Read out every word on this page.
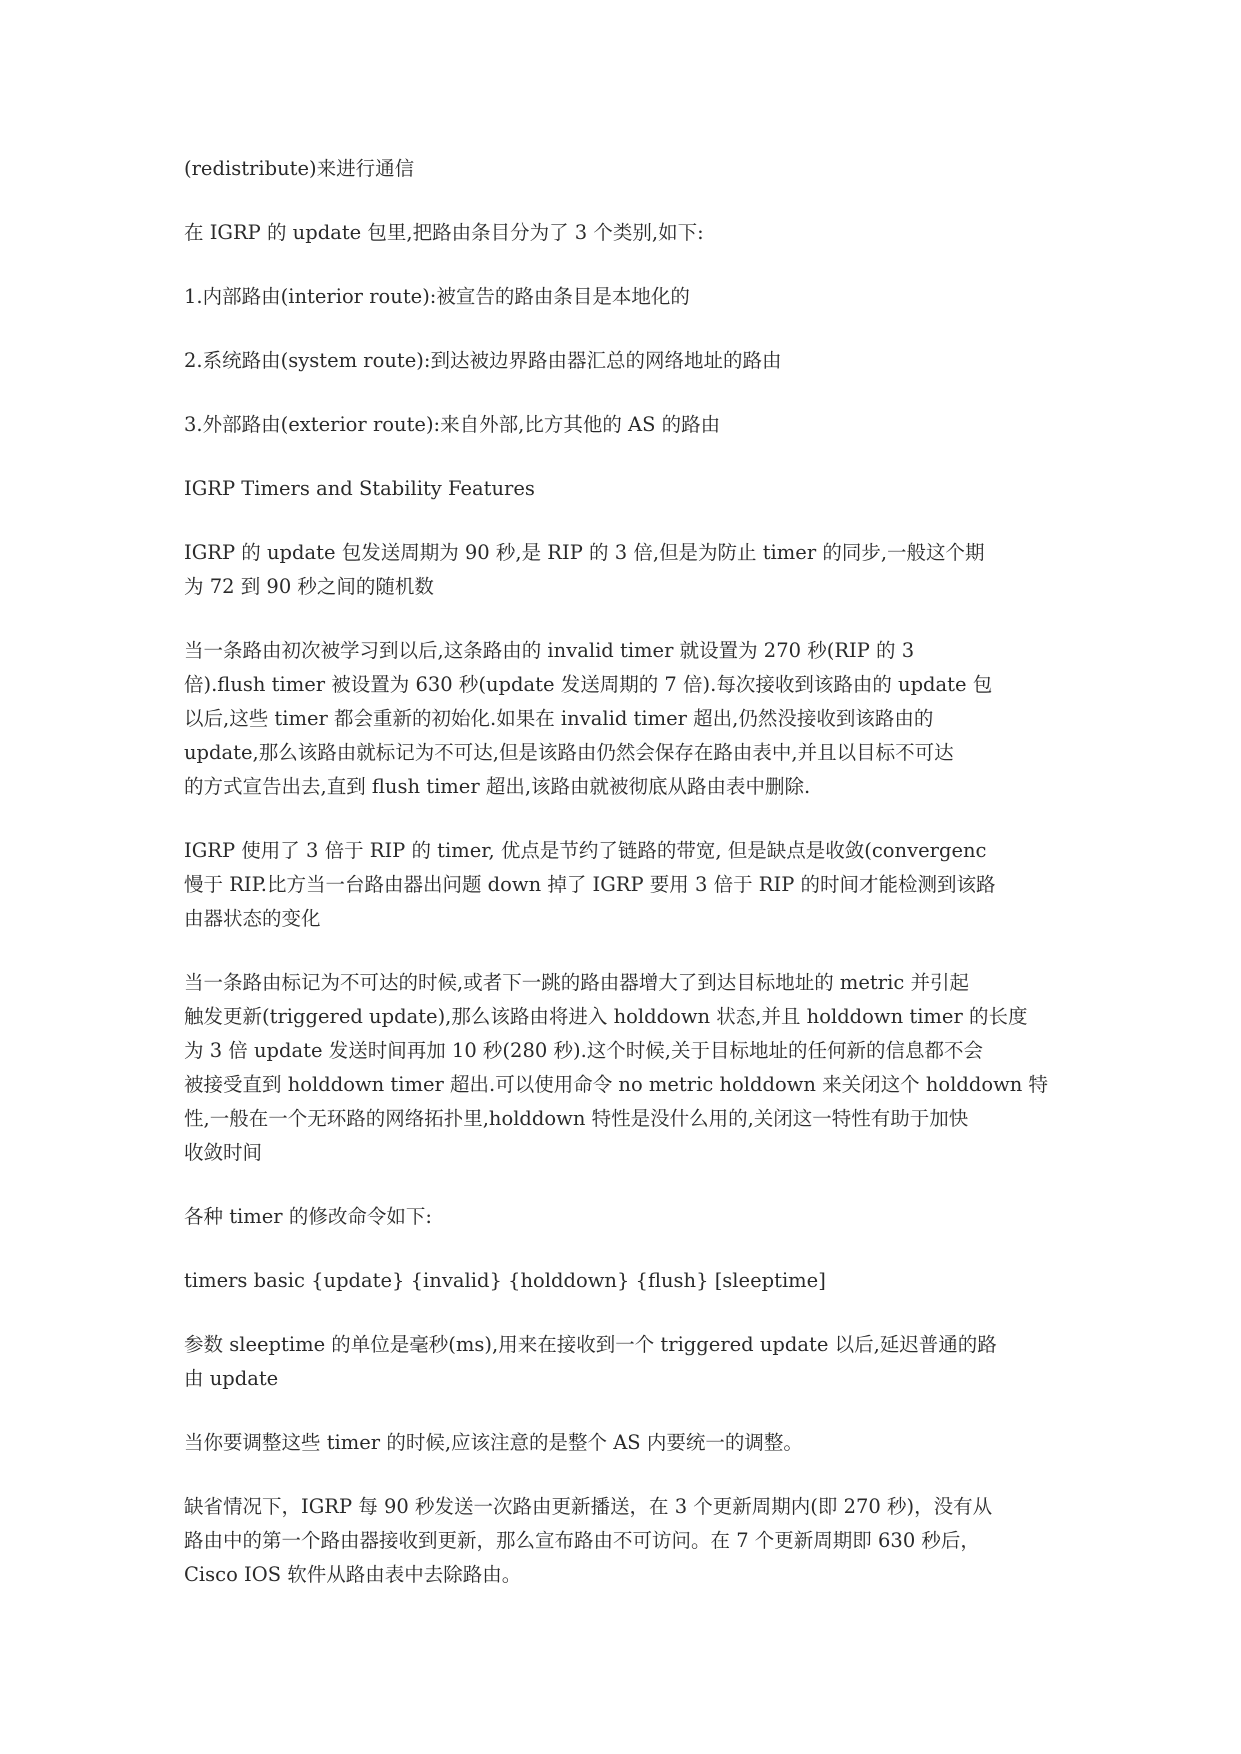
(redistribute)来进行通信
在 IGRP 的 update 包里,把路由条目分为了 3 个类别,如下:
1.内部路由(interior route):被宣告的路由条目是本地化的
2.系统路由(system route):到达被边界路由器汇总的网络地址的路由
3.外部路由(exterior route):来自外部,比方其他的 AS 的路由
IGRP Timers and Stability Features
IGRP 的 update 包发送周期为 90 秒,是 RIP 的 3 倍,但是为防止 timer 的同步,一般这个期
为 72 到 90 秒之间的随机数
当一条路由初次被学习到以后,这条路由的 invalid timer 就设置为 270 秒(RIP 的 3
倍).flush timer 被设置为 630 秒(update 发送周期的 7 倍).每次接收到该路由的 update 包
以后,这些 timer 都会重新的初始化.如果在 invalid timer 超出,仍然没接收到该路由的
update,那么该路由就标记为不可达,但是该路由仍然会保存在路由表中,并且以目标不可达
的方式宣告出去,直到 flush timer 超出,该路由就被彻底从路由表中删除.
IGRP 使用了 3 倍于 RIP 的 timer, 优点是节约了链路的带宽, 但是缺点是收敛(convergenc
慢于 RIP.比方当一台路由器出问题 down 掉了 IGRP 要用 3 倍于 RIP 的时间才能检测到该路
由器状态的变化
当一条路由标记为不可达的时候,或者下一跳的路由器增大了到达目标地址的 metric 并引起
触发更新(triggered update),那么该路由将进入 holddown 状态,并且 holddown timer 的长度
为 3 倍 update 发送时间再加 10 秒(280 秒).这个时候,关于目标地址的任何新的信息都不会
被接受直到 holddown timer 超出.可以使用命令 no metric holddown 来关闭这个 holddown 特
性,一般在一个无环路的网络拓扑里,holddown 特性是没什么用的,关闭这一特性有助于加快
收敛时间
各种 timer 的修改命令如下:
timers basic {update} {invalid} {holddown} {flush} [sleeptime]
参数 sleeptime 的单位是毫秒(ms),用来在接收到一个 triggered update 以后,延迟普通的路
由 update
当你要调整这些 timer 的时候,应该注意的是整个 AS 内要统一的调整。
缺省情况下，IGRP 每 90 秒发送一次路由更新播送，在 3 个更新周期内(即 270 秒)，没有从
路由中的第一个路由器接收到更新，那么宣布路由不可访问。在 7 个更新周期即 630 秒后，
Cisco IOS 软件从路由表中去除路由。
